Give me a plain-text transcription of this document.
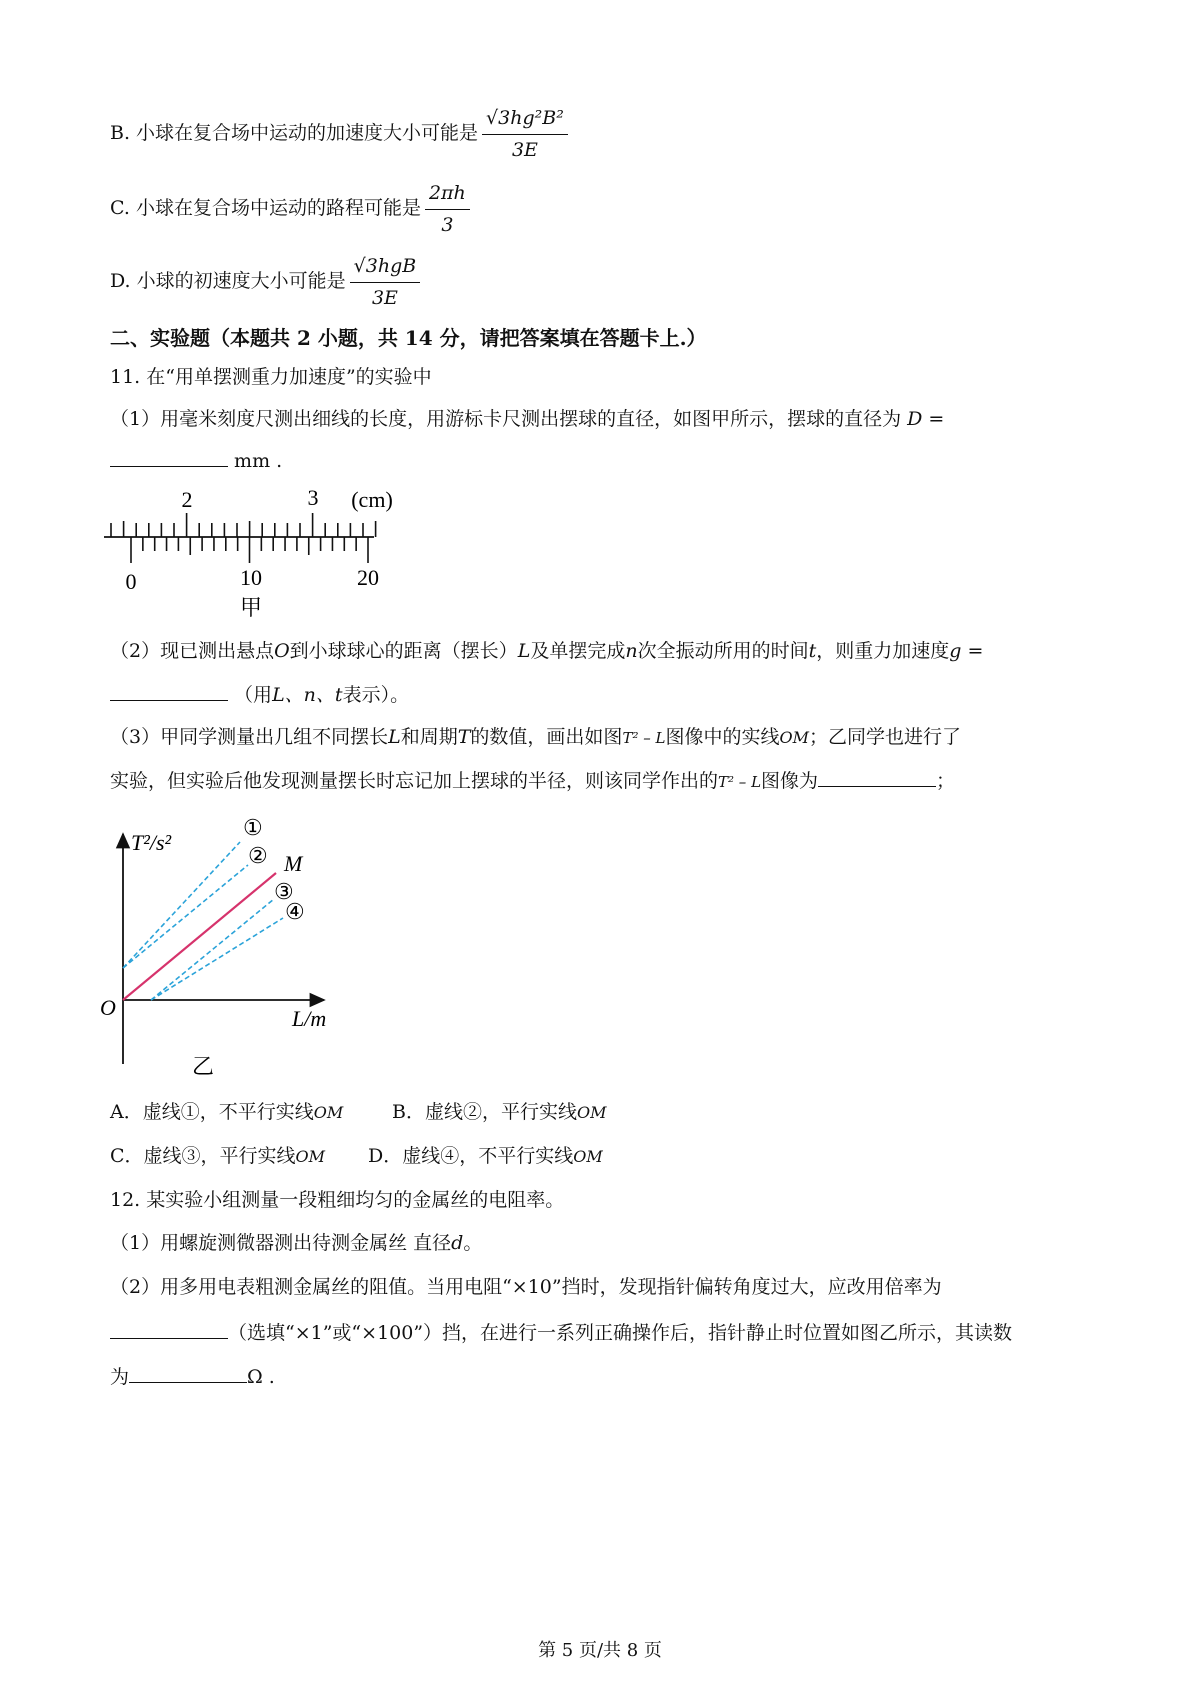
B. 小球在复合场中运动的加速度大小可能是 $\frac{\text{√3hg²B²}}{3E}$
C. 小球在复合场中运动的路程可能是 $\frac{2\pi h}{3}$
D. 小球的初速度大小可能是 $\frac{\text{√3hgB}}{3E}$
二、实验题（本题共 2 小题，共 14 分，请把答案填在答题卡上.）
11. 在“用单摆测重力加速度”的实验中
（1）用毫米刻度尺测出细线的长度，用游标卡尺测出摆球的直径，如图甲所示，摆球的直径为 D =
mm .
2	3 (cm)
0	10	20
甲
（2）现已测出悬点O到小球球心的距离（摆长）L及单摆完成n次全振动所用的时间t，则重力加速度g =
（用L、n、t表示）。
（3）甲同学测量出几组不同摆长L和周期T的数值，画出如图T² – L图像中的实线OM；乙同学也进行了
实验，但实验后他发现测量摆长时忘记加上摆球的半径，则该同学作出的T² – L图像为	；
T²/s²
L/m
O
M
①
②
③
④
乙
A．虚线①，不平行实线OM	B．虚线②，平行实线OM
C．虚线③，平行实线OM D．虚线④，不平行实线OM
12. 某实验小组测量一段粗细均匀的金属丝的电阻率。
（1）用螺旋测微器测出待测金属丝 直径d。
（2）用多用电表粗测金属丝的阻值。当用电阻“×10”挡时，发现指针偏转角度过大，应改用倍率为
（选填“×1”或“×100”）挡，在进行一系列正确操作后，指针静止时位置如图乙所示，其读数
为	Ω .
第 5 页/共 8 页
